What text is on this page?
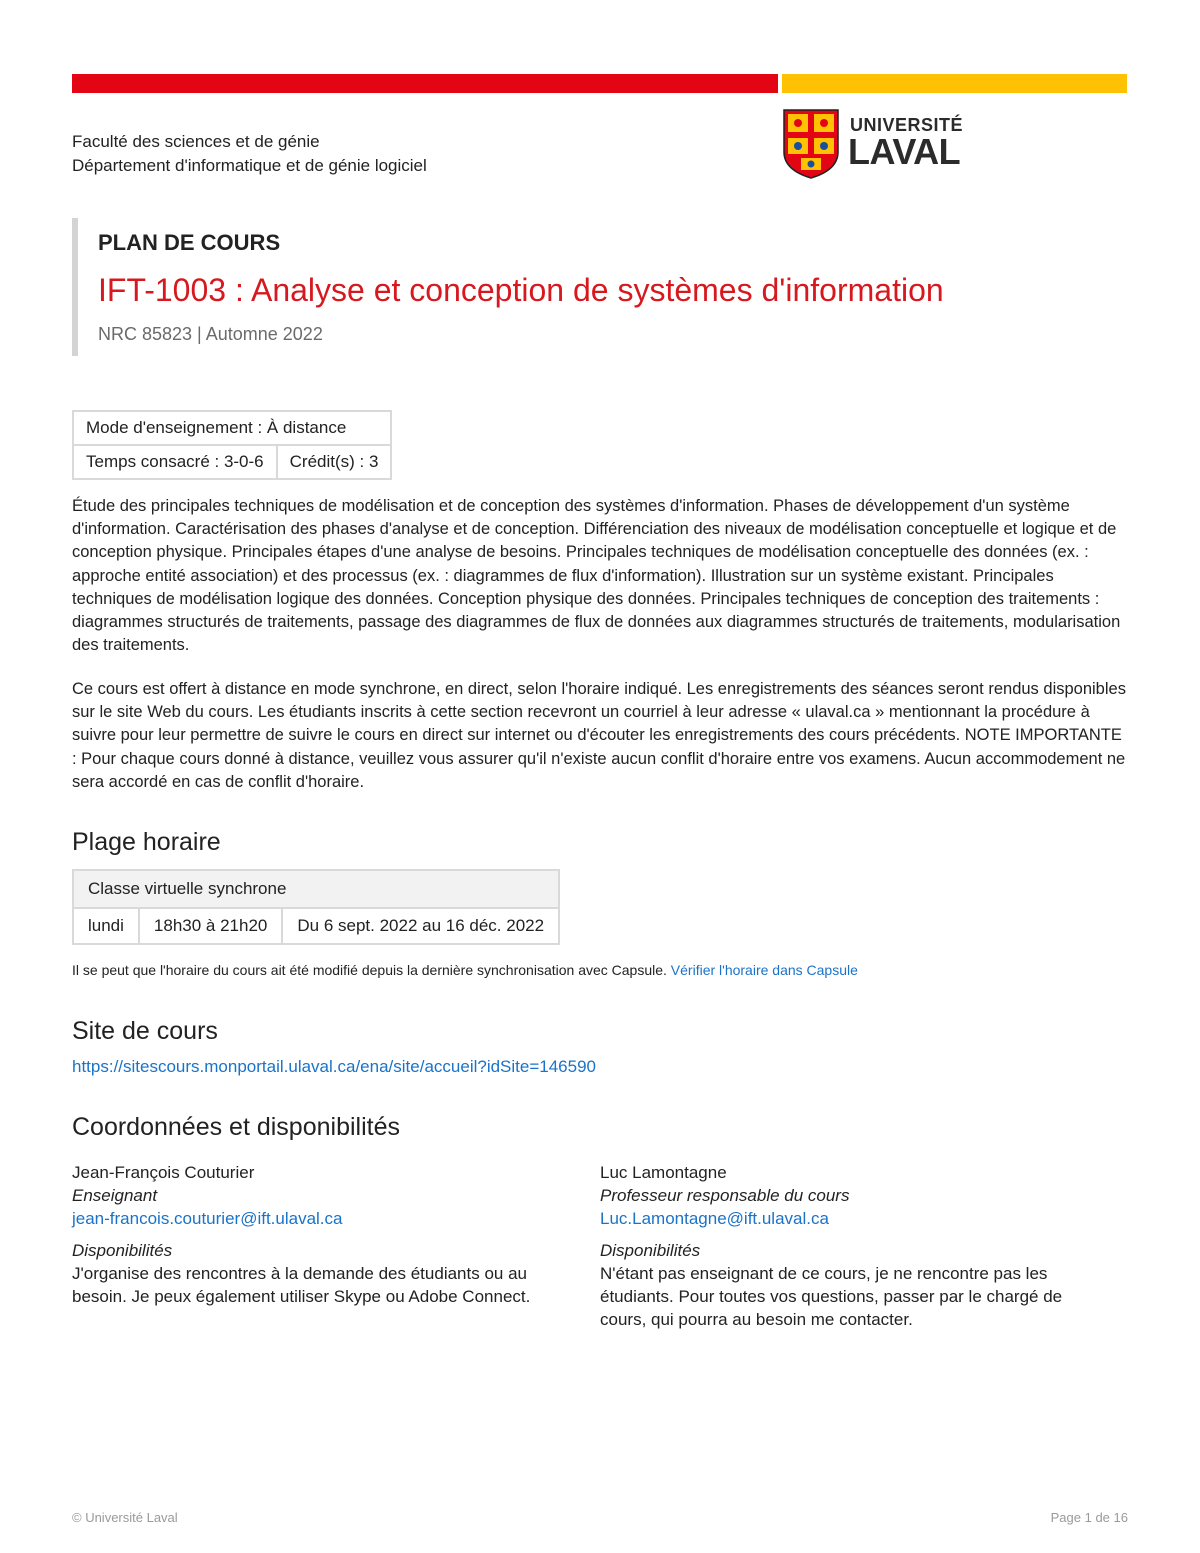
Faculté des sciences et de génie
Département d'informatique et de génie logiciel
UNIVERSITÉ
LAVAL
PLAN DE COURS
IFT-1003 : Analyse et conception de systèmes d'information
NRC 85823 | Automne 2022
Mode d'enseignement : À distance
Temps consacré : 3-0-6	Crédit(s) : 3

Étude des principales techniques de modélisation et de conception des systèmes d'information. Phases de développement d'un système d'information. Caractérisation des phases d'analyse et de conception. Différenciation des niveaux de modélisation conceptuelle et logique et de conception physique. Principales étapes d'une analyse de besoins. Principales techniques de modélisation conceptuelle des données (ex. : approche entité association) et des processus (ex. : diagrammes de flux d'information). Illustration sur un système existant. Principales techniques de modélisation logique des données. Conception physique des données. Principales techniques de conception des traitements : diagrammes structurés de traitements, passage des diagrammes de flux de données aux diagrammes structurés de traitements, modularisation des traitements.

Ce cours est offert à distance en mode synchrone, en direct, selon l'horaire indiqué. Les enregistrements des séances seront rendus disponibles sur le site Web du cours. Les étudiants inscrits à cette section recevront un courriel à leur adresse « ulaval.ca » mentionnant la procédure à suivre pour leur permettre de suivre le cours en direct sur internet ou d'écouter les enregistrements des cours précédents. NOTE IMPORTANTE : Pour chaque cours donné à distance, veuillez vous assurer qu'il n'existe aucun conflit d'horaire entre vos examens. Aucun accommodement ne sera accordé en cas de conflit d'horaire.

Plage horaire
Classe virtuelle synchrone
lundi	18h30 à 21h20	Du 6 sept. 2022 au 16 déc. 2022
Il se peut que l'horaire du cours ait été modifié depuis la dernière synchronisation avec Capsule. Vérifier l'horaire dans Capsule
Site de cours
https://sitescours.monportail.ulaval.ca/ena/site/accueil?idSite=146590
Coordonnées et disponibilités
Jean-François Couturier
Enseignant
jean-francois.couturier@ift.ulaval.ca
Disponibilités
J'organise des rencontres à la demande des étudiants ou au besoin. Je peux également utiliser Skype ou Adobe Connect.
Luc Lamontagne
Professeur responsable du cours
Luc.Lamontagne@ift.ulaval.ca
Disponibilités
N'étant pas enseignant de ce cours, je ne rencontre pas les étudiants. Pour toutes vos questions, passer par le chargé de cours, qui pourra au besoin me contacter.
© Université Laval	Page 1 de 16
